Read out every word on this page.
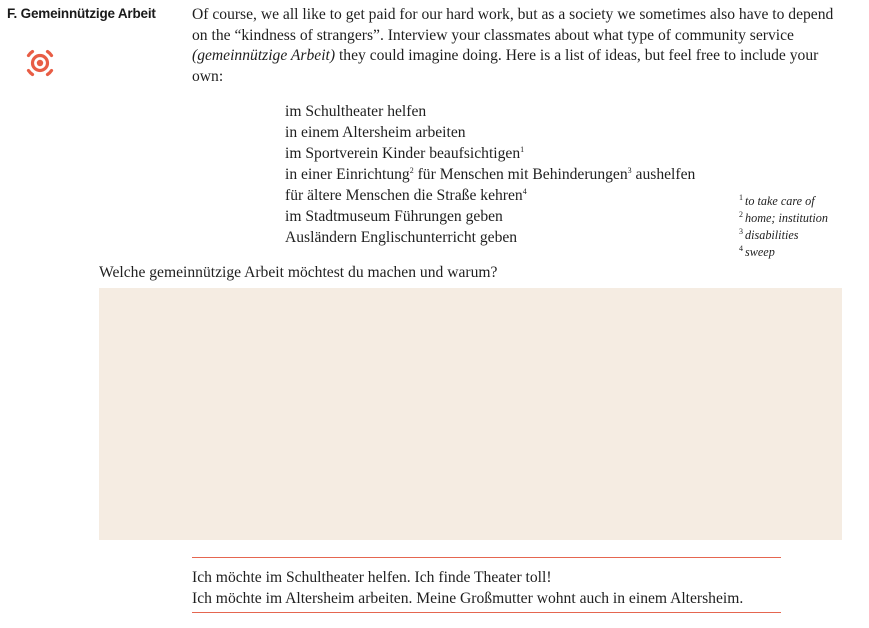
F. Gemeinnützige Arbeit Of course, we all like to get paid for our hard work, but as a society we sometimes also have to depend on the “kindness of strangers”. Interview your classmates about what type of community service (gemeinnützige Arbeit) they could imagine doing. Here is a list of ideas, but feel free to include your own:
im Schultheater helfen
in einem Altersheim arbeiten
im Sportverein Kinder beaufsichtigen$^1$
in einer Einrichtung$^2$ für Menschen mit Behinderungen$^3$ aushelfen
für ältere Menschen die Straße kehren$^4$
im Stadtmuseum Führungen geben
Ausländern Englischunterricht geben
$^1$ to take care of
$^2$ home; institution
$^3$ disabilities
$^4$ sweep
Welche gemeinnützige Arbeit möchtest du machen und warum?
Ich möchte im Schultheater helfen. Ich finde Theater toll!
Ich möchte im Altersheim arbeiten. Meine Großmutter wohnt auch in einem Altersheim.
